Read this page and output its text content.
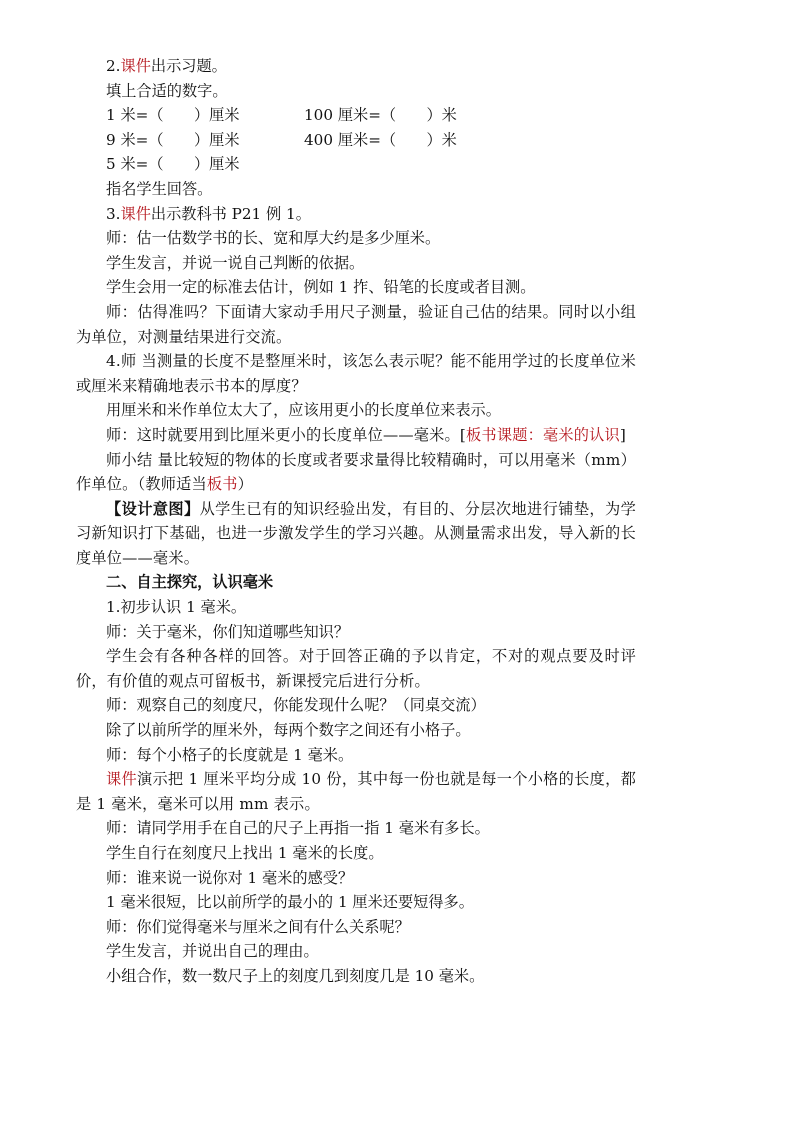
2.课件出示习题。
填上合适的数字。
1 米=（　　）厘米	100 厘米=（　　）米
9 米=（　　）厘米	400 厘米=（　　）米
5 米=（　　）厘米
指名学生回答。
3.课件出示教科书 P21 例 1。
师：估一估数学书的长、宽和厚大约是多少厘米。
学生发言，并说一说自己判断的依据。
学生会用一定的标准去估计，例如 1 拃、铅笔的长度或者目测。
师：估得准吗？下面请大家动手用尺子测量，验证自己估的结果。同时以小组为单位，对测量结果进行交流。
4.师 当测量的长度不是整厘米时，该怎么表示呢？能不能用学过的长度单位米或厘米来精确地表示书本的厚度？
用厘米和米作单位太大了，应该用更小的长度单位来表示。
师：这时就要用到比厘米更小的长度单位——毫米。[板书课题：毫米的认识]
师小结 量比较短的物体的长度或者要求量得比较精确时，可以用毫米（mm）作单位。（教师适当板书）
【设计意图】从学生已有的知识经验出发，有目的、分层次地进行铺垫，为学习新知识打下基础，也进一步激发学生的学习兴趣。从测量需求出发，导入新的长度单位——毫米。
二、自主探究，认识毫米
1.初步认识 1 毫米。
师：关于毫米，你们知道哪些知识？
学生会有各种各样的回答。对于回答正确的予以肯定，不对的观点要及时评价，有价值的观点可留板书，新课授完后进行分析。
师：观察自己的刻度尺，你能发现什么呢？（同桌交流）
除了以前所学的厘米外，每两个数字之间还有小格子。
师：每个小格子的长度就是 1 毫米。
课件演示把 1 厘米平均分成 10 份，其中每一份也就是每一个小格的长度，都是 1 毫米，毫米可以用 mm 表示。
师：请同学用手在自己的尺子上再指一指 1 毫米有多长。
学生自行在刻度尺上找出 1 毫米的长度。
师：谁来说一说你对 1 毫米的感受？
1 毫米很短，比以前所学的最小的 1 厘米还要短得多。
师：你们觉得毫米与厘米之间有什么关系呢？
学生发言，并说出自己的理由。
小组合作，数一数尺子上的刻度几到刻度几是 10 毫米。
